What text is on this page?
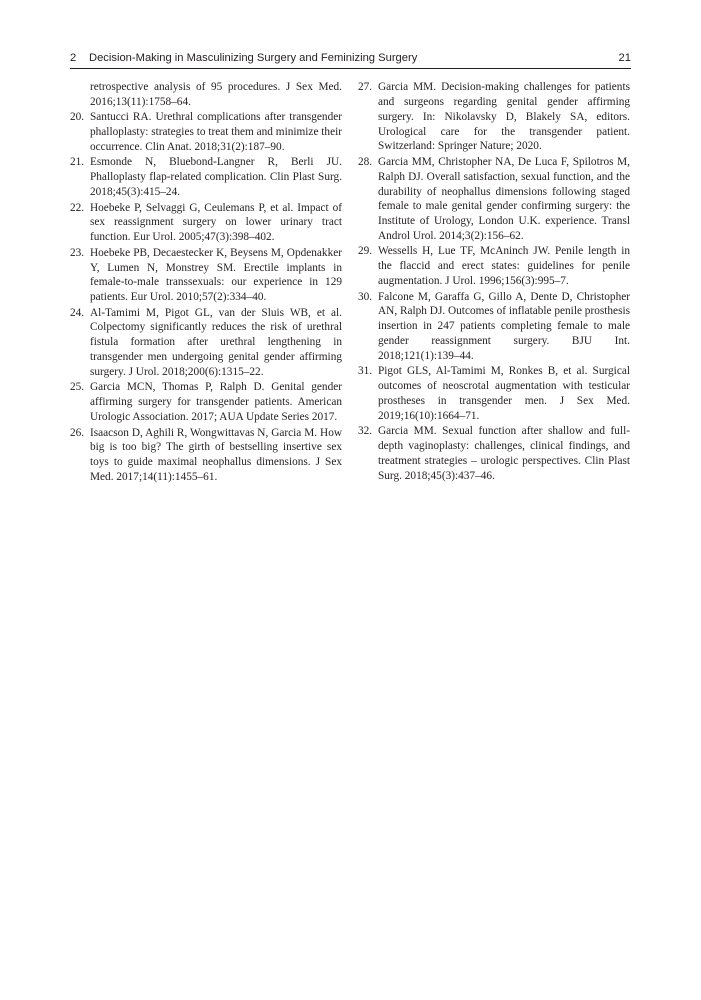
2 Decision-Making in Masculinizing Surgery and Feminizing Surgery	21

retrospective analysis of 95 procedures. J Sex Med. 2016;13(11):1758–64.

20. Santucci RA. Urethral complications after transgender phalloplasty: strategies to treat them and minimize their occurrence. Clin Anat. 2018;31(2):187–90.

21. Esmonde N, Bluebond-Langner R, Berli JU. Phalloplasty flap-related complication. Clin Plast Surg. 2018;45(3):415–24.

22. Hoebeke P, Selvaggi G, Ceulemans P, et al. Impact of sex reassignment surgery on lower urinary tract function. Eur Urol. 2005;47(3):398–402.

23. Hoebeke PB, Decaestecker K, Beysens M, Opdenakker Y, Lumen N, Monstrey SM. Erectile implants in female-to-male transsexuals: our experience in 129 patients. Eur Urol. 2010;57(2):334–40.

24. Al-Tamimi M, Pigot GL, van der Sluis WB, et al. Colpectomy significantly reduces the risk of urethral fistula formation after urethral lengthening in transgender men undergoing genital gender affirming surgery. J Urol. 2018;200(6):1315–22.

25. Garcia MCN, Thomas P, Ralph D. Genital gender affirming surgery for transgender patients. American Urologic Association. 2017; AUA Update Series 2017.

26. Isaacson D, Aghili R, Wongwittavas N, Garcia M. How big is too big? The girth of bestselling insertive sex toys to guide maximal neophallus dimensions. J Sex Med. 2017;14(11):1455–61.

27. Garcia MM. Decision-making challenges for patients and surgeons regarding genital gender affirming surgery. In: Nikolavsky D, Blakely SA, editors. Urological care for the transgender patient. Switzerland: Springer Nature; 2020.

28. Garcia MM, Christopher NA, De Luca F, Spilotros M, Ralph DJ. Overall satisfaction, sexual function, and the durability of neophallus dimensions following staged female to male genital gender confirming surgery: the Institute of Urology, London U.K. experience. Transl Androl Urol. 2014;3(2):156–62.

29. Wessells H, Lue TF, McAninch JW. Penile length in the flaccid and erect states: guidelines for penile augmentation. J Urol. 1996;156(3):995–7.

30. Falcone M, Garaffa G, Gillo A, Dente D, Christopher AN, Ralph DJ. Outcomes of inflatable penile prosthesis insertion in 247 patients completing female to male gender reassignment surgery. BJU Int. 2018;121(1):139–44.

31. Pigot GLS, Al-Tamimi M, Ronkes B, et al. Surgical outcomes of neoscrotal augmentation with testicular prostheses in transgender men. J Sex Med. 2019;16(10):1664–71.

32. Garcia MM. Sexual function after shallow and full-depth vaginoplasty: challenges, clinical findings, and treatment strategies – urologic perspectives. Clin Plast Surg. 2018;45(3):437–46.
